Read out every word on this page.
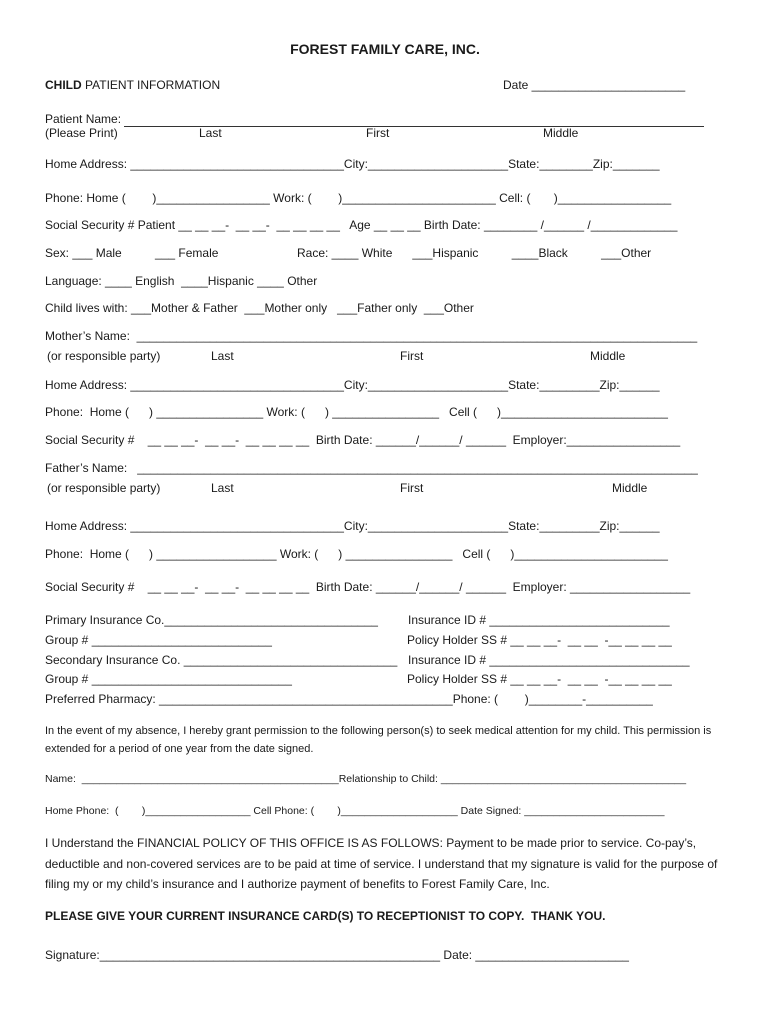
FOREST FAMILY CARE, INC.
CHILD PATIENT INFORMATION	Date _______________________
Patient Name:
(Please Print)	Last	First	Middle
Home Address: ________________________________City:_____________________State:________Zip:_______
Phone: Home (        )_________________ Work: (        )_______________________ Cell: (       )_________________
Social Security # Patient __ __ __-  __ __-  __ __ __ __   Age __ __ __ Birth Date: ________ /______ /_____________
Sex: ___ Male          ___ Female	Race: ____ White      ___Hispanic          ____Black          ___Other
Language: ____ English  ____Hispanic ____ Other
Child lives with: ___Mother & Father  ___Mother only   ___Father only  ___Other
Mother’s Name:  ____________________________________________________________________________________
(or responsible party)	Last	First	Middle
Home Address: ________________________________City:_____________________State:_________Zip:______
Phone:  Home (      ) ________________ Work: (      ) ________________   Cell (      )_________________________
Social Security #    __ __ __-  __ __-  __ __ __ __  Birth Date: ______/______/ ______  Employer:_________________
Father’s Name:   ____________________________________________________________________________________
(or responsible party)	Last	First	Middle
Home Address: ________________________________City:_____________________State:_________Zip:______
Phone:  Home (      ) __________________ Work: (      ) ________________   Cell (      )_______________________
Social Security #    __ __ __-  __ __-  __ __ __ __  Birth Date: ______/______/ ______  Employer: __________________
Primary Insurance Co.________________________________	Insurance ID # ___________________________
Group # ___________________________	Policy Holder SS # __ __ __-  __ __  -__ __ __ __
Secondary Insurance Co. ________________________________ Insurance ID # ______________________________
Group # ______________________________	Policy Holder SS # __ __ __-  __ __  -__ __ __ __
Preferred Pharmacy: ____________________________________________Phone: (        )________-__________
In the event of my absence, I hereby grant permission to the following person(s) to seek medical attention for my child. This permission is extended for a period of one year from the date signed.
Name:  ____________________________________________Relationship to Child: __________________________________________
Home Phone:  (        )__________________ Cell Phone: (        )____________________ Date Signed: ________________________
I Understand the FINANCIAL POLICY OF THIS OFFICE IS AS FOLLOWS: Payment to be made prior to service. Co-pay’s, deductible and non-covered services are to be paid at time of service. I understand that my signature is valid for the purpose of filing my or my child’s insurance and I authorize payment of benefits to Forest Family Care, Inc.
PLEASE GIVE YOUR CURRENT INSURANCE CARD(S) TO RECEPTIONIST TO COPY.  THANK YOU.
Signature:___________________________________________________ Date: _______________________
